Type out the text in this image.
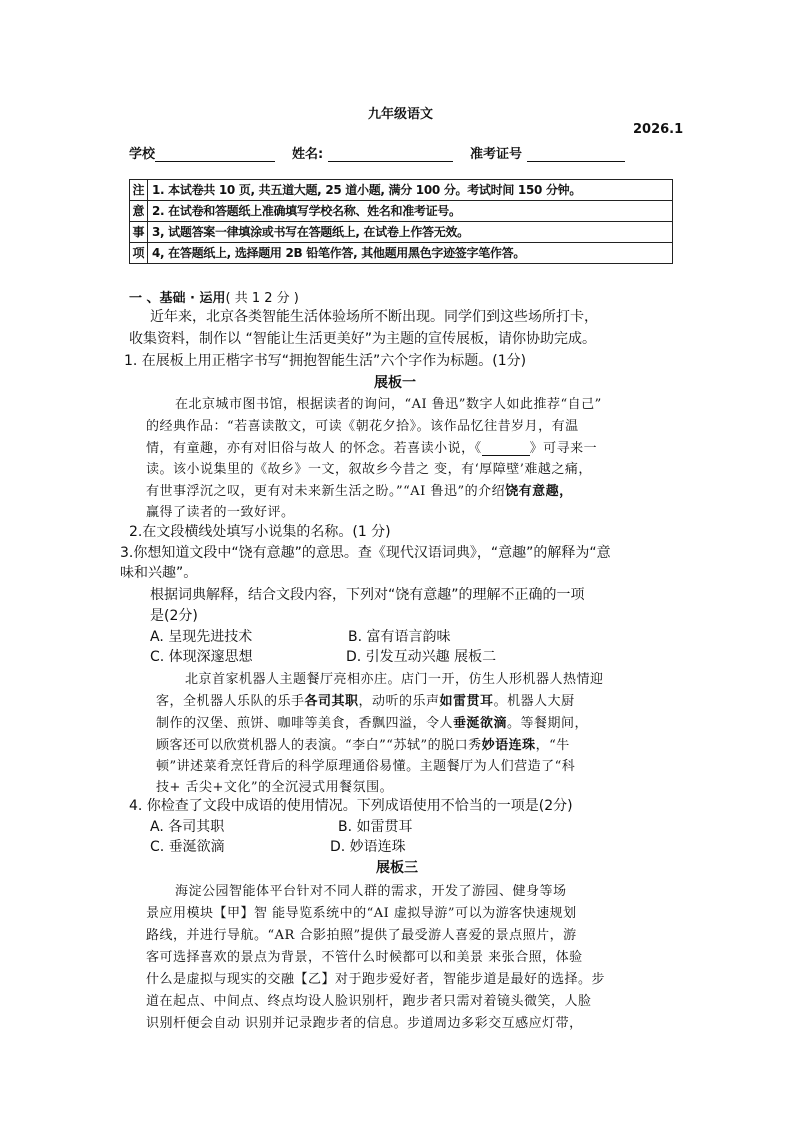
九年级语文
2026.1
学校	姓名:	准考证号
注	1. 本试卷共 10 页, 共五道大题, 25 道小题, 满分 100 分。考试时间 150 分钟。
意	2. 在试卷和答题纸上准确填写学校名称、姓名和准考证号。
事	3, 试题答案一律填涂或书写在答题纸上, 在试卷上作答无效。
项	4, 在答题纸上, 选择题用 2B 铅笔作答, 其他题用黑色字迹签字笔作答。
一 、基础 · 运用( 共 1 2 分 )
近年来，北京各类智能生活体验场所不断出现。同学们到这些场所打卡，
收集资料，制作以 “智能让生活更美好”为主题的宣传展板，请你协助完成。
1. 在展板上用正楷字书写“拥抱智能生活”六个字作为标题。(1分)
展板一
在北京城市图书馆，根据读者的询问，“AI 鲁迅”数字人如此推荐“自己”
的经典作品：“若喜读散文，可读《朝花夕拾》。该作品忆往昔岁月，有温
情，有童趣，亦有对旧俗与故人 的怀念。若喜读小说，《	》可寻来一
读。该小说集里的《故乡》一文，叙故乡今昔之 变，有‘厚障壁’难越之痛，
有世事浮沉之叹，更有对未来新生活之盼。”“AI 鲁迅”的介绍饶有意趣，
赢得了读者的一致好评。
2.在文段横线处填写小说集的名称。(1 分)
3.你想知道文段中“饶有意趣”的意思。查《现代汉语词典》，“意趣”的解释为“意
味和兴趣”。
根据词典解释，结合文段内容，下列对“饶有意趣”的理解不正确的一项
是(2分)
A. 呈现先进技术	B. 富有语言韵味
C. 体现深邃思想	D. 引发互动兴趣 展板二
北京首家机器人主题餐厅亮相亦庄。店门一开，仿生人形机器人热情迎
客，全机器人乐队的乐手各司其职，动听的乐声如雷贯耳。机器人大厨
制作的汉堡、煎饼、咖啡等美食，香飘四溢，令人垂涎欲滴。等餐期间，
顾客还可以欣赏机器人的表演。“李白”“苏轼”的脱口秀妙语连珠，“牛
顿”讲述菜肴烹饪背后的科学原理通俗易懂。主题餐厅为人们营造了“科
技+ 舌尖+文化”的全沉浸式用餐氛围。
4. 你检查了文段中成语的使用情况。下列成语使用不恰当的一项是(2分)
A. 各司其职	B. 如雷贯耳
C. 垂涎欲滴	D. 妙语连珠
展板三
海淀公园智能体平台针对不同人群的需求，开发了游园、健身等场
景应用模块【甲】智 能导览系统中的“AI 虚拟导游”可以为游客快速规划
路线，并进行导航。“AR 合影拍照”提供了最受游人喜爱的景点照片，游
客可选择喜欢的景点为背景，不管什么时候都可以和美景 来张合照，体验
什么是虚拟与现实的交融【乙】对于跑步爱好者，智能步道是最好的选择。步
道在起点、中间点、终点均设人脸识别杆，跑步者只需对着镜头微笑，人脸
识别杆便会自动 识别并记录跑步者的信息。步道周边多彩交互感应灯带，
